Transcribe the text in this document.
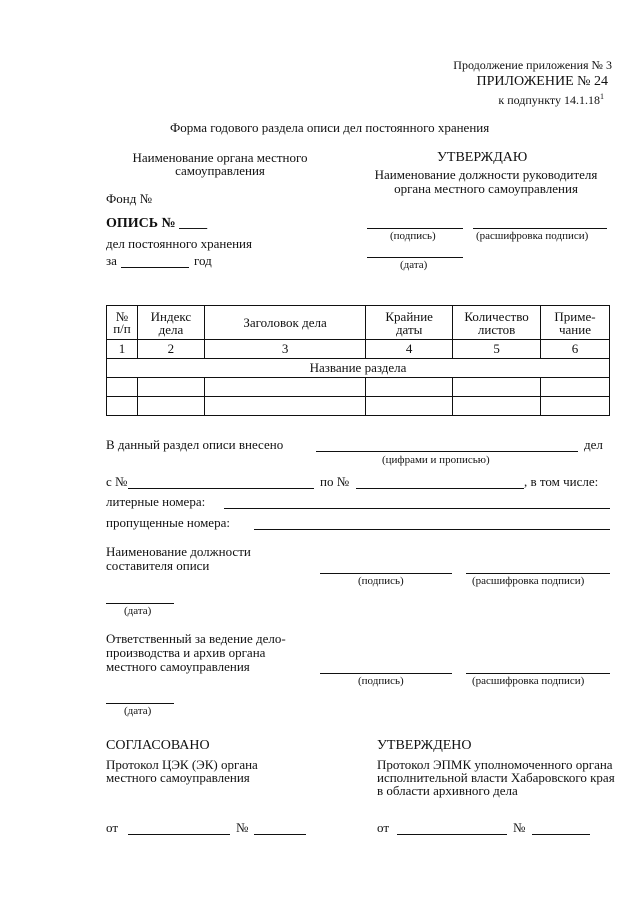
Продолжение приложения № 3
ПРИЛОЖЕНИЕ № 24
к подпункту 14.1.18$^1$
Форма годового раздела описи дел постоянного хранения
Наименование органа местного самоуправления
Фонд №
ОПИСЬ № ____
дел постоянного хранения
за	год
УТВЕРЖДАЮ
Наименование должности руководителя органа местного самоуправления
(подпись)	(расшифровка подписи)
(дата)
№ п/п	Индекс дела	Заголовок дела	Крайние даты	Количество листов	Приме-чание
1	2	3	4	5	6
Название раздела					

В данный раздел описи внесено	дел
(цифрами и прописью)
с №	по №	, в том числе:
литерные номера:
пропущенные номера:
Наименование должности составителя описи
(подпись)	(расшифровка подписи)
(дата)
Ответственный за ведение дело-производства и архив органа местного самоуправления
(подпись)	(расшифровка подписи)
(дата)
СОГЛАСОВАНО
Протокол ЦЭК (ЭК) органа местного самоуправления
от	№
УТВЕРЖДЕНО
Протокол ЭПМК уполномоченного органа исполнительной власти Хабаровского края в области архивного дела
от	№
